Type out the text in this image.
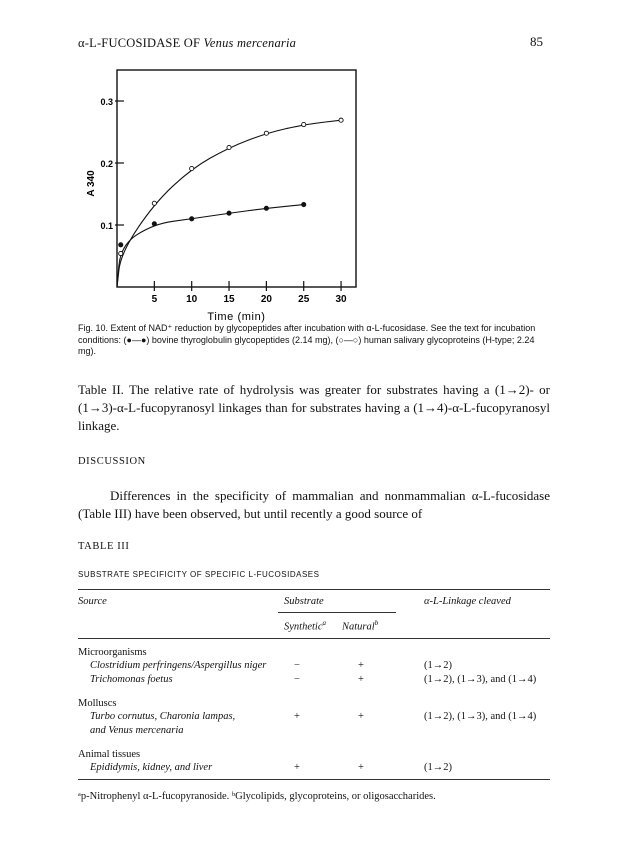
α-L-FUCOSIDASE OF Venus mercenaria	85
5	10	15	20	25	30
0.1
0.2
0.3
Time (min)
A 340
Fig. 10. Extent of NAD⁺ reduction by glycopeptides after incubation with α-L-fucosidase. See the text for incubation conditions: (●—●) bovine thyroglobulin glycopeptides (2.14 mg), (○—○) human salivary glycoproteins (H-type; 2.24 mg).
Table II. The relative rate of hydrolysis was greater for substrates having a (1→2)- or (1→3)-α-L-fucopyranosyl linkages than for substrates having a (1→4)-α-L-fucopyranosyl linkage.
DISCUSSION
Differences in the specificity of mammalian and nonmammalian α-L-fucosidase (Table III) have been observed, but until recently a good source of
TABLE III
SUBSTRATE SPECIFICITY OF SPECIFIC L-FUCOSIDASES
Source	Substrate	α-L-Linkage cleaved
Synthetic$^a$ Natural$^b$
Microorganisms
Clostridium perfringens/Aspergillus niger	−	+	(1→2)
Trichomonas foetus	−	+	(1→2), (1→3), and (1→4)
Molluscs
Turbo cornutus, Charonia lampas,
and Venus mercenaria
+	+	(1→2), (1→3), and (1→4)
Animal tissues
Epididymis, kidney, and liver	+	+	(1→2)
ᵃp-Nitrophenyl α-L-fucopyranoside. ᵇGlycolipids, glycoproteins, or oligosaccharides.
